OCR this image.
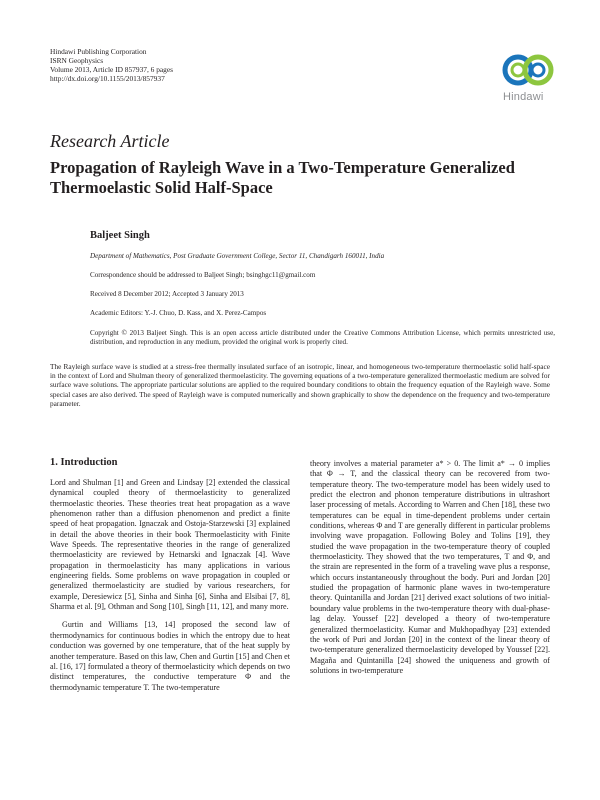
Hindawi Publishing Corporation
ISRN Geophysics
Volume 2013, Article ID 857937, 6 pages
http://dx.doi.org/10.1155/2013/857937
Hindawi
Research Article
Propagation of Rayleigh Wave in a Two-Temperature Generalized Thermoelastic Solid Half-Space
Baljeet Singh
Department of Mathematics, Post Graduate Government College, Sector 11, Chandigarh 160011, India
Correspondence should be addressed to Baljeet Singh; bsinghgc11@gmail.com
Received 8 December 2012; Accepted 3 January 2013
Academic Editors: Y.-J. Chuo, D. Kass, and X. Perez-Campos
Copyright © 2013 Baljeet Singh. This is an open access article distributed under the Creative Commons Attribution License, which permits unrestricted use, distribution, and reproduction in any medium, provided the original work is properly cited.
The Rayleigh surface wave is studied at a stress-free thermally insulated surface of an isotropic, linear, and homogeneous two-temperature thermoelastic solid half-space in the context of Lord and Shulman theory of generalized thermoelasticity. The governing equations of a two-temperature generalized thermoelastic medium are solved for surface wave solutions. The appropriate particular solutions are applied to the required boundary conditions to obtain the frequency equation of the Rayleigh wave. Some special cases are also derived. The speed of Rayleigh wave is computed numerically and shown graphically to show the dependence on the frequency and two-temperature parameter.
1. Introduction

Lord and Shulman [1] and Green and Lindsay [2] extended the classical dynamical coupled theory of thermoelasticity to generalized thermoelastic theories. These theories treat heat propagation as a wave phenomenon rather than a diffusion phenomenon and predict a finite speed of heat propagation. Ignaczak and Ostoja-Starzewski [3] explained in detail the above theories in their book Thermoelasticity with Finite Wave Speeds. The representative theories in the range of generalized thermoelasticity are reviewed by Hetnarski and Ignaczak [4]. Wave propagation in thermoelasticity has many applications in various engineering fields. Some problems on wave propagation in coupled or generalized thermoelasticity are studied by various researchers, for example, Deresiewicz [5], Sinha and Sinha [6], Sinha and Elsibai [7, 8], Sharma et al. [9], Othman and Song [10], Singh [11, 12], and many more.

Gurtin and Williams [13, 14] proposed the second law of thermodynamics for continuous bodies in which the entropy due to heat conduction was governed by one temperature, that of the heat supply by another temperature. Based on this law, Chen and Gurtin [15] and Chen et al. [16, 17] formulated a theory of thermoelasticity which depends on two distinct temperatures, the conductive temperature Φ and the thermodynamic temperature T. The two-temperature

theory involves a material parameter a* > 0. The limit a* → 0 implies that Φ → T, and the classical theory can be recovered from two-temperature theory. The two-temperature model has been widely used to predict the electron and phonon temperature distributions in ultrashort laser processing of metals. According to Warren and Chen [18], these two temperatures can be equal in time-dependent problems under certain conditions, whereas Φ and T are generally different in particular problems involving wave propagation. Following Boley and Tolins [19], they studied the wave propagation in the two-temperature theory of coupled thermoelasticity. They showed that the two temperatures, T and Φ, and the strain are represented in the form of a traveling wave plus a response, which occurs instantaneously throughout the body. Puri and Jordan [20] studied the propagation of harmonic plane waves in two-temperature theory. Quintanilla and Jordan [21] derived exact solutions of two initial-boundary value problems in the two-temperature theory with dual-phase-lag delay. Youssef [22] developed a theory of two-temperature generalized thermoelasticity. Kumar and Mukhopadhyay [23] extended the work of Puri and Jordan [20] in the context of the linear theory of two-temperature generalized thermoelasticity developed by Youssef [22]. Magaña and Quintanilla [24] showed the uniqueness and growth of solutions in two-temperature
